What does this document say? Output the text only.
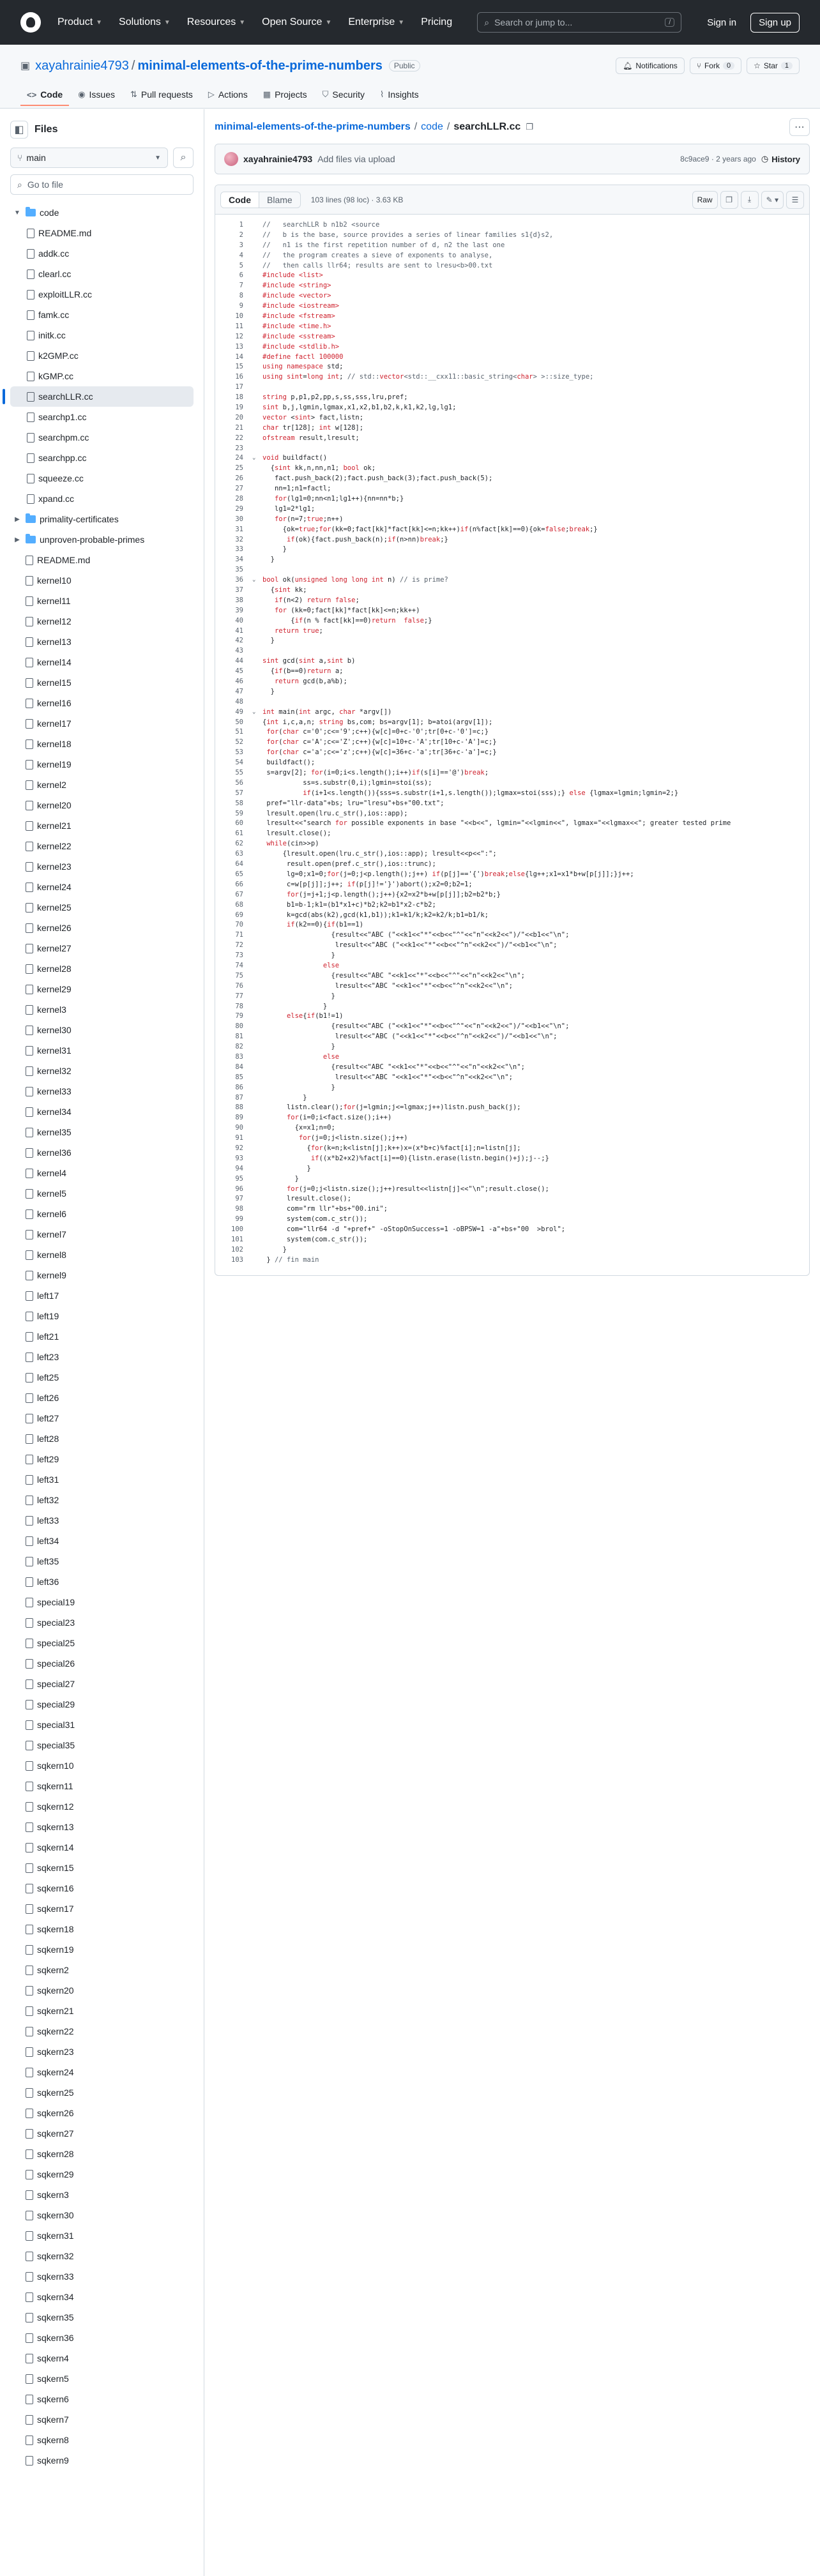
Product ▼ Solutions ▼ Resources ▼ Open Source ▼ Enterprise ▼ Pricing	⌕ Search or jump to...	/	Sign in	Sign up
▣ xayahrainie4793 / minimal-elements-of-the-prime-numbers	Public	🔔︎ Notifications	⑂ Fork	0	☆ Star	1
<> Code ◉ Issues ⇅ Pull requests ▷ Actions ▦ Projects ⛉ Security ⌇ Insights
◧	Files
⑂ main	▼ ⌕
⌕ Go to file
▼ code
README.md
addk.cc
clearl.cc
exploitLLR.cc
famk.cc
initk.cc
k2GMP.cc
kGMP.cc
searchLLR.cc
searchp1.cc
searchpm.cc
searchpp.cc
squeeze.cc
xpand.cc
▶ primality-certificates
▶ unproven-probable-primes
README.md
kernel10
kernel11
kernel12
kernel13
kernel14
kernel15
kernel16
kernel17
kernel18
kernel19
kernel2
kernel20
kernel21
kernel22
kernel23
kernel24
kernel25
kernel26
kernel27
kernel28
kernel29
kernel3
kernel30
kernel31
kernel32
kernel33
kernel34
kernel35
kernel36
kernel4
kernel5
kernel6
kernel7
kernel8
kernel9
left17
left19
left21
left23
left25
left26
left27
left28
left29
left31
left32
left33
left34
left35
left36
special19
special23
special25
special26
special27
special29
special31
special35
sqkern10
sqkern11
sqkern12
sqkern13
sqkern14
sqkern15
sqkern16
sqkern17
sqkern18
sqkern19
sqkern2
sqkern20
sqkern21
sqkern22
sqkern23
sqkern24
sqkern25
sqkern26
sqkern27
sqkern28
sqkern29
sqkern3
sqkern30
sqkern31
sqkern32
sqkern33
sqkern34
sqkern35
sqkern36
sqkern4
sqkern5
sqkern6
sqkern7
sqkern8
sqkern9
minimal-elements-of-the-prime-numbers / code / searchLLR.cc ❐	⋯
xayahrainie4793 Add files via upload	8c9ace9 · 2 years ago ◷ History
Code	Blame	103 lines (98 loc) · 3.63 KB	Raw	❐	⤓	✎ ▾	☰
1	//   searchLLR b n1b2 <source
2	//   b is the base, source provides a series of linear families s1{d}s2,
3	//   n1 is the first repetition number of d, n2 the last one
4	//   the program creates a sieve of exponents to analyse,
5	//   then calls llr64; results are sent to lresu<b>00.txt
6	#include <list>
7	#include <string>
8	#include <vector>
9	#include <iostream>
10	#include <fstream>
11	#include <time.h>
12	#include <sstream>
13	#include <stdlib.h>
14	#define factl 100000
15	using namespace std;
16	using sint=long int; // std::vector<std::__cxx11::basic_string<char> >::size_type;
17
18	string p,p1,p2,pp,s,ss,sss,lru,pref;
19	sint b,j,lgmin,lgmax,x1,x2,b1,b2,k,k1,k2,lg,lg1;
20	vector <sint> fact,listn;
21	char tr[128]; int w[128];
22	ofstream result,lresult;
23
24	⌄	void buildfact()
25	{sint kk,n,nn,n1; bool ok;
26	fact.push_back(2);fact.push_back(3);fact.push_back(5);
27	nn=1;n1=factl;
28	for(lg1=0;nn<n1;lg1++){nn=nn*b;}
29	lg1=2*lg1;
30	for(n=7;true;n++)
31	{ok=true;for(kk=0;fact[kk]*fact[kk]<=n;kk++)if(n%fact[kk]==0){ok=false;break;}
32	if(ok){fact.push_back(n);if(n>nn)break;}
33	}
34	}
35
36	⌄	bool ok(unsigned long long int n) // is prime?
37	{sint kk;
38	if(n<2) return false;
39	for (kk=0;fact[kk]*fact[kk]<=n;kk++)
40	{if(n % fact[kk]==0)return false;}
41	return true;
42	}
43
44	sint gcd(sint a,sint b)
45	{if(b==0)return a;
46	return gcd(b,a%b);
47	}
48
49	⌄	int main(int argc, char *argv[])
50	{int i,c,a,n; string bs,com; bs=argv[1]; b=atoi(argv[1]);
51	for(char c='0';c<='9';c++){w[c]=0+c-'0';tr[0+c-'0']=c;}
52	for(char c='A';c<='Z';c++){w[c]=10+c-'A';tr[10+c-'A']=c;}
53	for(char c='a';c<='z';c++){w[c]=36+c-'a';tr[36+c-'a']=c;}
54	buildfact();
55	s=argv[2]; for(i=0;i<s.length();i++)if(s[i]=='@')break;
56	ss=s.substr(0,i);lgmin=stoi(ss);
57	if(i+1<s.length()){sss=s.substr(i+1,s.length());lgmax=stoi(sss);} else {lgmax=lgmin;lgmin=2;}
58	pref="llr-data"+bs; lru="lresu"+bs+"00.txt";
59	lresult.open(lru.c_str(),ios::app);
60	lresult<<"search for possible exponents in base "<<b<<", lgmin="<<lgmin<<", lgmax="<<lgmax<<"; greater tested prime
61	lresult.close();
62	while(cin>>p)
63	{lresult.open(lru.c_str(),ios::app); lresult<<p<<":";
64	result.open(pref.c_str(),ios::trunc);
65	lg=0;x1=0;for(j=0;j<p.length();j++) if(p[j]=='{')break;else{lg++;x1=x1*b+w[p[j]];}j++;
66	c=w[p[j]];j++; if(p[j]!='}')abort();x2=0;b2=1;
67	for(j=j+1;j<p.length();j++){x2=x2*b+w[p[j]];b2=b2*b;}
68	b1=b-1;k1=(b1*x1+c)*b2;k2=b1*x2-c*b2;
69	k=gcd(abs(k2),gcd(k1,b1));k1=k1/k;k2=k2/k;b1=b1/k;
70	if(k2==0){if(b1==1)
71	{result<<"ABC ("<<k1<<"*"<<b<<"^"<<"n"<<k2<<")/"<<b1<<"\n";
72	lresult<<"ABC ("<<k1<<"*"<<b<<"^n"<<k2<<")/"<<b1<<"\n";
73	}
74	else
75	{result<<"ABC "<<k1<<"*"<<b<<"^"<<"n"<<k2<<"\n";
76	lresult<<"ABC "<<k1<<"*"<<b<<"^n"<<k2<<"\n";
77	}
78	}
79	else{if(b1!=1)
80	{result<<"ABC ("<<k1<<"*"<<b<<"^"<<"n"<<k2<<")/"<<b1<<"\n";
81	lresult<<"ABC ("<<k1<<"*"<<b<<"^n"<<k2<<")/"<<b1<<"\n";
82	}
83	else
84	{result<<"ABC "<<k1<<"*"<<b<<"^"<<"n"<<k2<<"\n";
85	lresult<<"ABC "<<k1<<"*"<<b<<"^n"<<k2<<"\n";
86	}
87	}
88	listn.clear();for(j=lgmin;j<=lgmax;j++)listn.push_back(j);
89	for(i=0;i<fact.size();i++)
90	{x=x1;n=0;
91	for(j=0;j<listn.size();j++)
92	{for(k=n;k<listn[j];k++)x=(x*b+c)%fact[i];n=listn[j];
93	if((x*b2+x2)%fact[i]==0){listn.erase(listn.begin()+j);j--;}
94	}
95	}
96	for(j=0;j<listn.size();j++)result<<listn[j]<<"\n";result.close();
97	lresult.close();
98	com="rm llr"+bs+"00.ini";
99	system(com.c_str());
100	com="llr64 -d "+pref+" -oStopOnSuccess=1 -oBPSW=1 -a"+bs+"00  >brol";
101	system(com.c_str());
102	}
103	} // fin main
